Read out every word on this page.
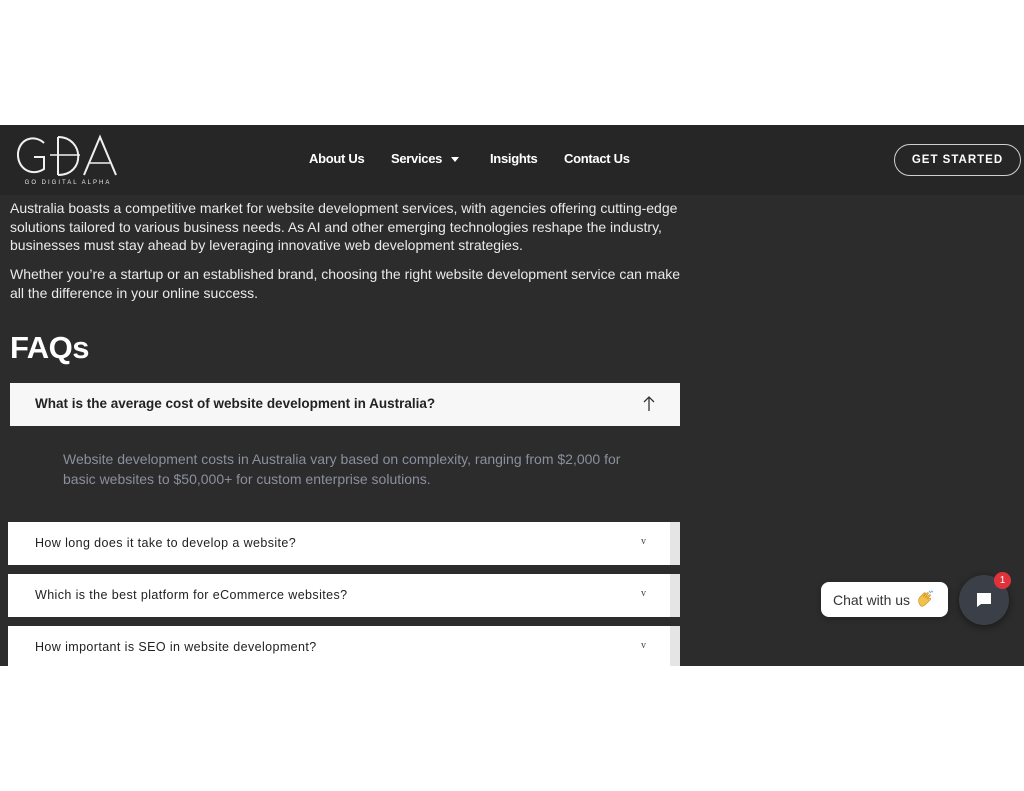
GO DIGITAL ALPHA
About Us Services	Insights Contact Us	GET STARTED

Australia boasts a competitive market for website development services, with agencies offering cutting-edge solutions tailored to various business needs. As AI and other emerging technologies reshape the industry, businesses must stay ahead by leveraging innovative web development strategies.

Whether you’re a startup or an established brand, choosing the right website development service can make all the difference in your online success.

FAQs
What is the average cost of website development in Australia?

Website development costs in Australia vary based on complexity, ranging from $2,000 for basic websites to $50,000+ for custom enterprise solutions.

How long does it take to develop a website?	v
Which is the best platform for eCommerce websites?	v
How important is SEO in website development?	v
Chat with us
1
